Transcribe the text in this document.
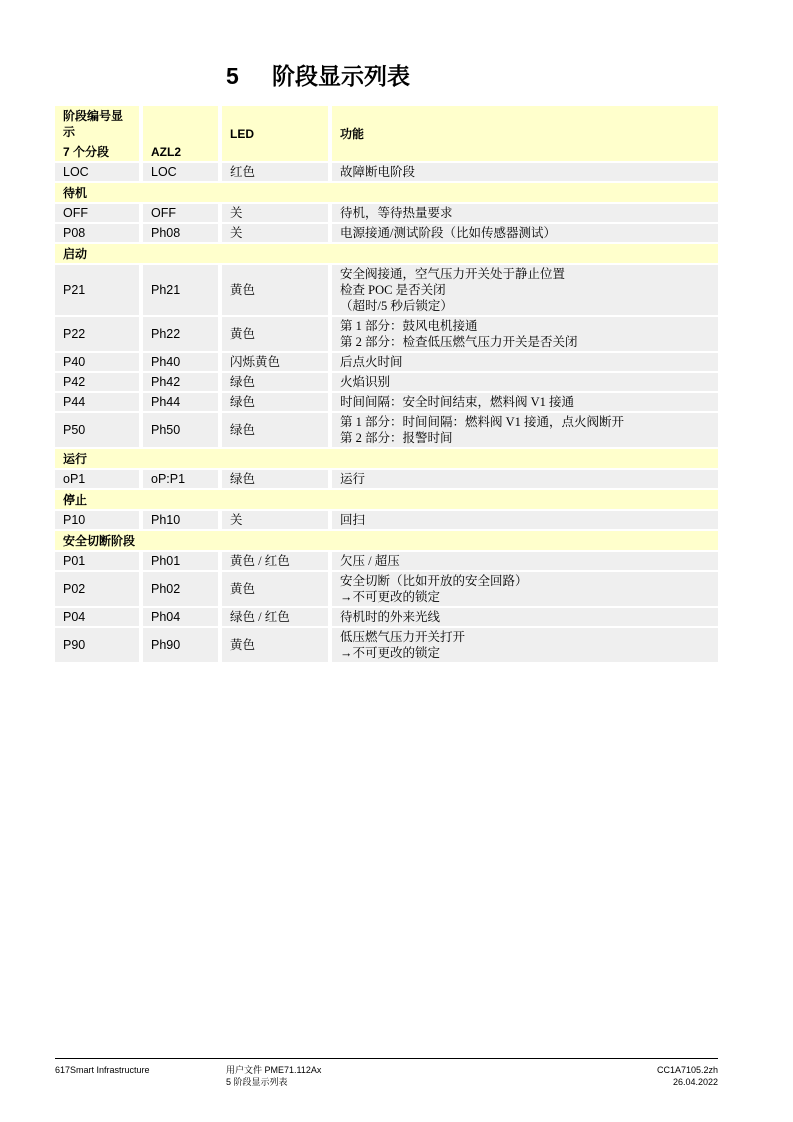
5 阶段显示列表
阶段编号显示
7 个分段	AZL2	LED	功能
LOC	LOC	红色	故障断电阶段

待机			
OFF	OFF	关	待机，等待热量要求

P08	Ph08	关	电源接通/测试阶段（比如传感器测试）

启动			
P21	Ph21	黄色	安全阀接通，空气压力开关处于静止位置
检查 POC 是否关闭
（超时/5 秒后锁定）

P22	Ph22	黄色	第 1 部分：鼓风电机接通
第 2 部分：检查低压燃气压力开关是否关闭

P40	Ph40	闪烁黄色	后点火时间

P42	Ph42	绿色	火焰识别

P44	Ph44	绿色	时间间隔：安全时间结束，燃料阀 V1 接通

P50	Ph50	绿色	第 1 部分：时间间隔：燃料阀 V1 接通，点火阀断开
第 2 部分：报警时间

运行			
oP1	oP:P1	绿色	运行

停止			
P10	Ph10	关	回扫

安全切断阶段			
P01	Ph01	黄色 / 红色	欠压 / 超压

P02	Ph02	黄色	安全切断（比如开放的安全回路）
→不可更改的锁定

P04	Ph04	绿色 / 红色	待机时的外来光线

P90	Ph90	黄色	低压燃气压力开关打开
→不可更改的锁定
617Smart Infrastructure	用户文件 PME71.112Ax
5 阶段显示列表
CC1A7105.2zh
26.04.2022
